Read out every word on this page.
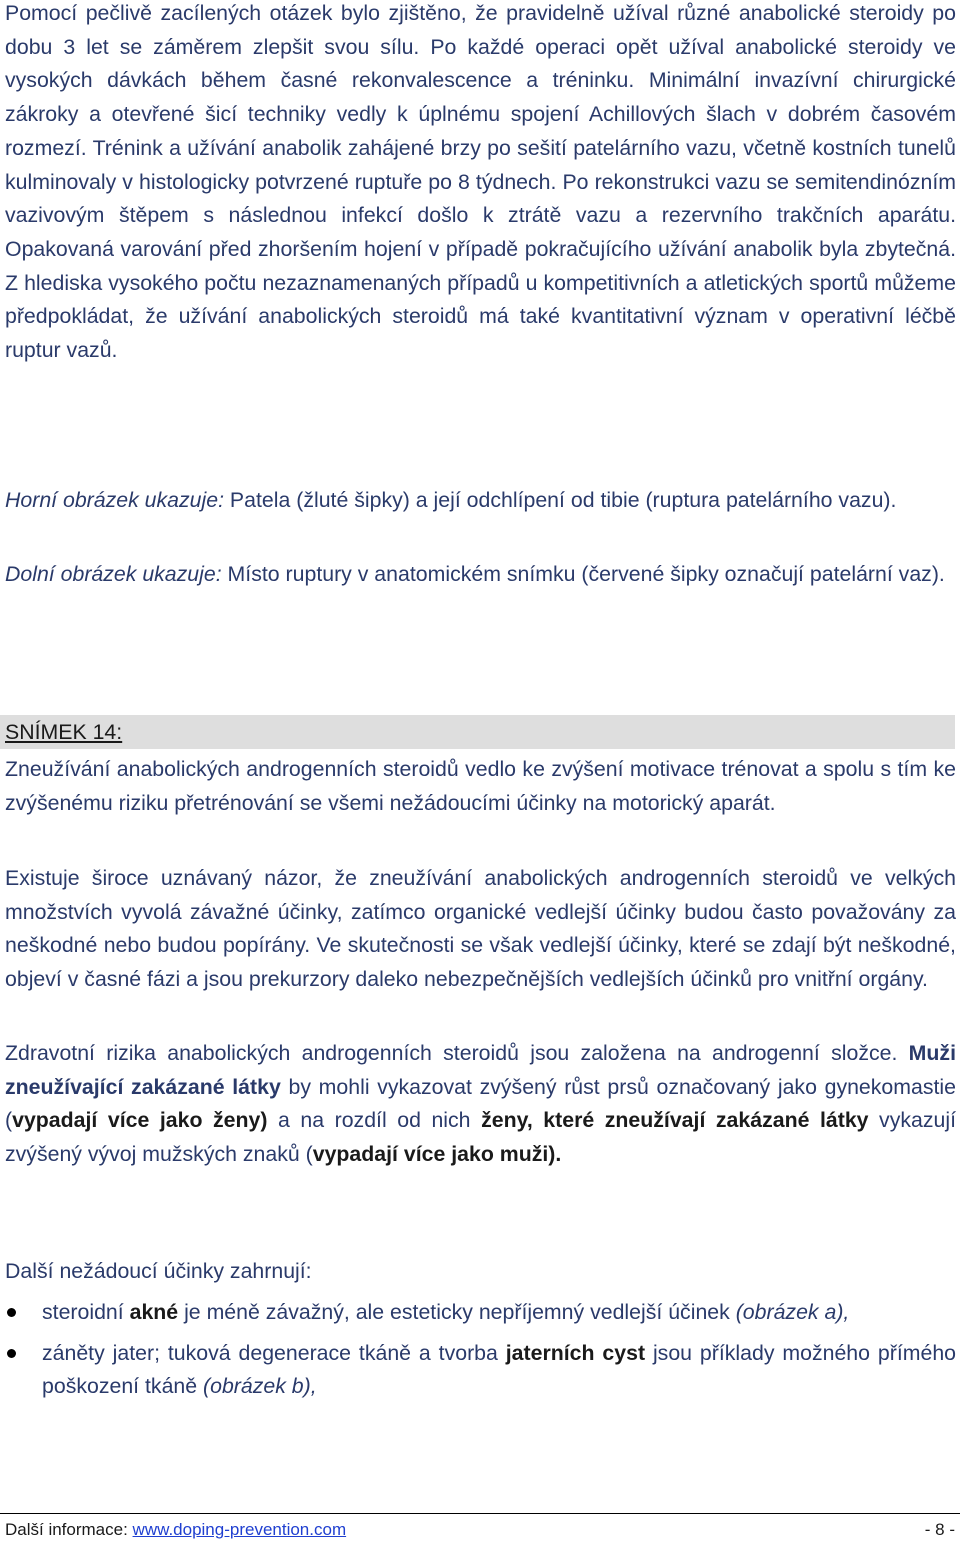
Pomocí pečlivě zacílených otázek bylo zjištěno, že pravidelně užíval různé anabolické steroidy po dobu 3 let se záměrem zlepšit svou sílu. Po každé operaci opět užíval anabolické steroidy ve vysokých dávkách během časné rekonvalescence a tréninku. Minimální invazívní chirurgické zákroky a otevřené šicí techniky vedly k úplnému spojení Achillových šlach v dobrém časovém rozmezí. Trénink a užívání anabolik zahájené brzy po sešití patelárního vazu, včetně kostních tunelů kulminovaly v histologicky potvrzené ruptuře po 8 týdnech. Po rekonstrukci vazu se semitendinózním vazivovým štěpem s následnou infekcí došlo k ztrátě vazu a rezervního trakčních aparátu. Opakovaná varování před zhoršením hojení v případě pokračujícího užívání anabolik byla zbytečná. Z hlediska vysokého počtu nezaznamenaných případů u kompetitivních a atletických sportů můžeme předpokládat, že užívání anabolických steroidů má také kvantitativní význam v operativní léčbě ruptur vazů.

Horní obrázek ukazuje: Patela (žluté šipky) a její odchlípení od tibie (ruptura patelárního vazu).

Dolní obrázek ukazuje: Místo ruptury v anatomickém snímku (červené šipky označují patelární vaz).

SNÍMEK 14:

Zneužívání anabolických androgenních steroidů vedlo ke zvýšení motivace trénovat a spolu s tím ke zvýšenému riziku přetrénování se všemi nežádoucími účinky na motorický aparát.

Existuje široce uznávaný názor, že zneužívání anabolických androgenních steroidů ve velkých množstvích vyvolá závažné účinky, zatímco organické vedlejší účinky budou často považovány za neškodné nebo budou popírány. Ve skutečnosti se však vedlejší účinky, které se zdají být neškodné, objeví v časné fázi a jsou prekurzory daleko nebezpečnějších vedlejších účinků pro vnitřní orgány.

Zdravotní rizika anabolických androgenních steroidů jsou založena na androgenní složce. Muži zneužívající zakázané látky by mohli vykazovat zvýšený růst prsů označovaný jako gynekomastie (vypadají více jako ženy) a na rozdíl od nich ženy, které zneužívají zakázané látky vykazují zvýšený vývoj mužských znaků (vypadají více jako muži).

Další nežádoucí účinky zahrnují:

steroidní akné je méně závažný, ale esteticky nepříjemný vedlejší účinek (obrázek a),
záněty jater; tuková degenerace tkáně a tvorba jaterních cyst jsou příklady možného přímého poškození tkáně (obrázek b),
Další informace: www.doping-prevention.com	- 8 -
